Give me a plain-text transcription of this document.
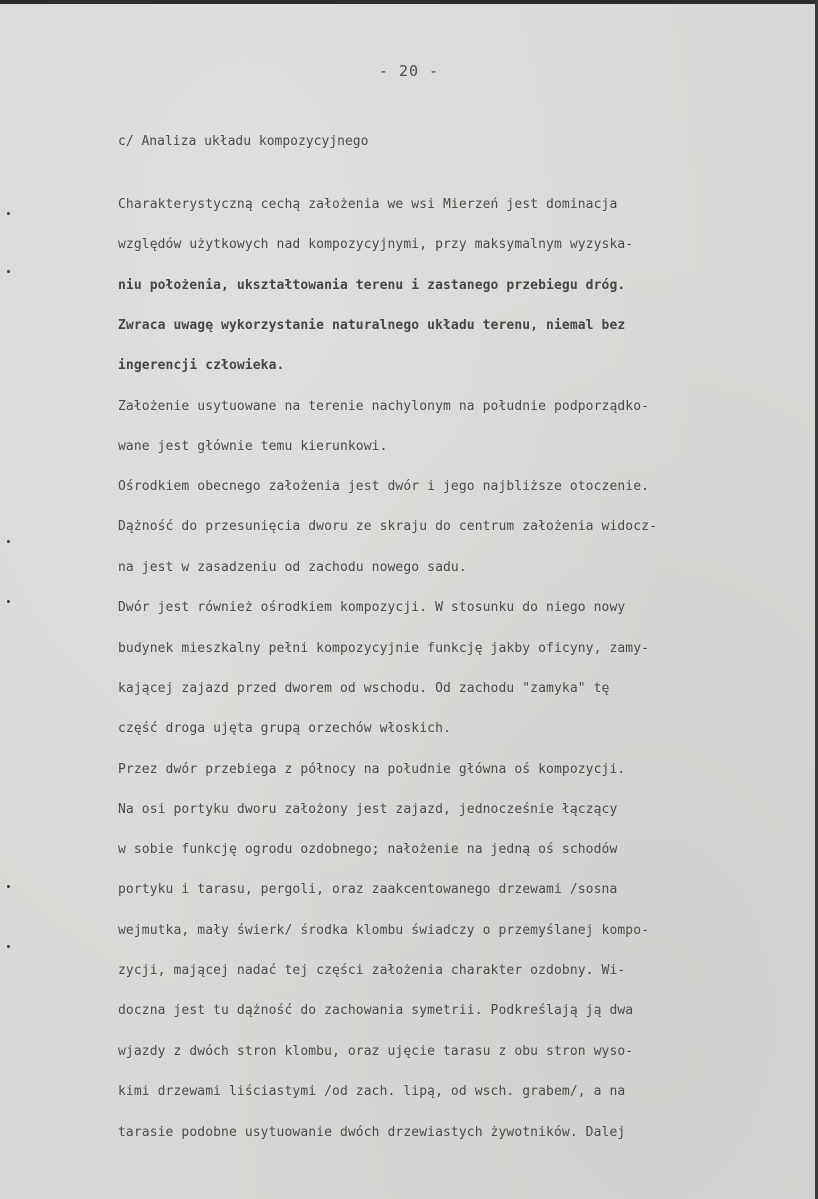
- 20 -
c/ Analiza układu kompozycyjnego
Charakterystyczną cechą założenia we wsi Mierzeń jest dominacja
względów użytkowych nad kompozycyjnymi, przy maksymalnym wyzyska-
niu położenia, ukształtowania terenu i zastanego przebiegu dróg.
Zwraca uwagę wykorzystanie naturalnego układu terenu, niemal bez
ingerencji człowieka.
Założenie usytuowane na terenie nachylonym na południe podporządko-
wane jest głównie temu kierunkowi.
Ośrodkiem obecnego założenia jest dwór i jego najbliższe otoczenie.
Dążność do przesunięcia dworu ze skraju do centrum założenia widocz-
na jest w zasadzeniu od zachodu nowego sadu.
Dwór jest również ośrodkiem kompozycji. W stosunku do niego nowy
budynek mieszkalny pełni kompozycyjnie funkcję jakby oficyny, zamy-
kającej zajazd przed dworem od wschodu. Od zachodu "zamyka" tę
część droga ujęta grupą orzechów włoskich.
Przez dwór przebiega z północy na południe główna oś kompozycji.
Na osi portyku dworu założony jest zajazd, jednocześnie łączący
w sobie funkcję ogrodu ozdobnego; nałożenie na jedną oś schodów
portyku i tarasu, pergoli, oraz zaakcentowanego drzewami /sosna
wejmutka, mały świerk/ środka klombu świadczy o przemyślanej kompo-
zycji, mającej nadać tej części założenia charakter ozdobny. Wi-
doczna jest tu dążność do zachowania symetrii. Podkreślają ją dwa
wjazdy z dwóch stron klombu, oraz ujęcie tarasu z obu stron wyso-
kimi drzewami liściastymi /od zach. lipą, od wsch. grabem/, a na
tarasie podobne usytuowanie dwóch drzewiastych żywotników. Dalej
